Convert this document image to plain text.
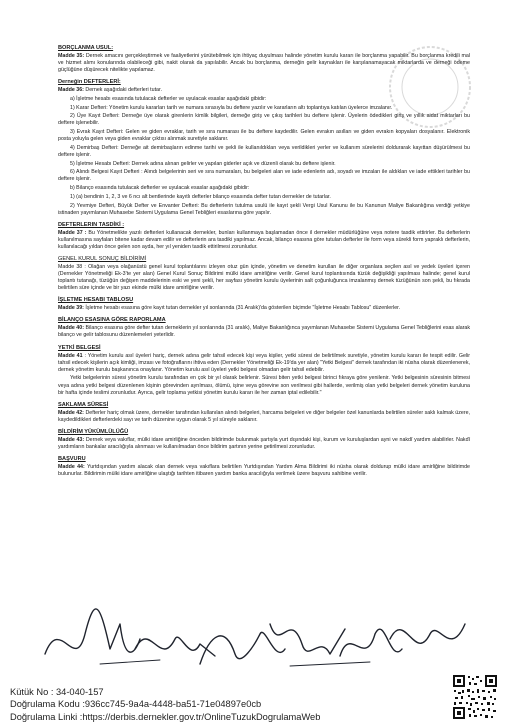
BORÇLANMA USUL:

Madde 35: Dernek amacını gerçekleştirmek ve faaliyetlerini yürütebilmek için ihtiyaç duyulması halinde yönetim kurulu kararı ile borçlanma yapabilir. Bu borçlanma kredili mal ve hizmet alımı konularında olabileceği gibi, nakit olarak da yapılabilir. Ancak bu borçlanma, derneğin gelir kaynakları ile karşılanamayacak miktarlarda ve derneği ödeme güçlüğüne düşürecek nitelikte yapılamaz.

Derneğin DEFTERLERİ:

Madde 36: Dernek aşağıdaki defterleri tutar.

a) İşletme hesabı esasında tutulacak defterler ve uyulacak esaslar aşağıdaki gibidir:

1) Karar Defteri: Yönetim kurulu kararları tarih ve numara sırasıyla bu deftere yazılır ve kararların altı toplantıya katılan üyelerce imzalanır.

2) Üye Kayıt Defteri: Derneğe üye olarak girenlerin kimlik bilgileri, derneğe giriş ve çıkış tarihleri bu deftere işlenir. Üyelerin ödedikleri giriş ve yıllık aidat miktarları bu deftere işlenebilir.

3) Evrak Kayıt Defteri: Gelen ve giden evraklar, tarih ve sıra numarası ile bu deftere kaydedilir. Gelen evrakın asılları ve giden evrakın kopyaları dosyalanır. Elektronik posta yoluyla gelen veya giden evraklar çıktısı alınmak suretiyle saklanır.

4) Demirbaş Defteri: Derneğe ait demirbaşların edinme tarihi ve şekli ile kullanıldıkları veya verildikleri yerler ve kullanım sürelerini doldurarak kayıttan düşürülmesi bu deftere işlenir.

5) İşletme Hesabı Defteri: Dernek adına alınan gelirler ve yapılan giderler açık ve düzenli olarak bu deftere işlenir.

6) Alındı Belgesi Kayıt Defteri : Alındı belgelerinin seri ve sıra numaraları, bu belgeleri alan ve iade edenlerin adı, soyadı ve imzaları ile aldıkları ve iade ettikleri tarihler bu deftere işlenir.

b) Bilanço esasında tutulacak defterler ve uyulacak esaslar aşağıdaki gibidir:

1) (a) bendinin 1, 2, 3 ve 6 ncı alt bentlerinde kayıtlı defterler bilanço esasında defter tutan dernekler de tutarlar.

2) Yevmiye Defteri, Büyük Defter ve Envanter Defteri: Bu defterlerin tutulma usulü ile kayıt şekli Vergi Usul Kanunu ile bu Kanunun Maliye Bakanlığına verdiği yetkiye istinaden yayımlanan Muhasebe Sistemi Uygulama Genel Tebliğleri esaslarına göre yapılır.

DEFTERLERIN TASDİKİ :

Madde 37 : Bu Yönetmelikte yazılı defterleri kullanacak dernekler, bunları kullanmaya başlamadan önce il dernekler müdürlüğüne veya notere tasdik ettirirler. Bu defterlerin kullanılmasına sayfaları bitene kadar devam edilir ve defterlerin ara tasdiki yapılmaz. Ancak, bilanço esasına göre tutulan defterler ile form veya sürekli form yapraklı defterlerin, kullanılacağı yıldan önce gelen son ayda, her yıl yeniden tasdik ettirilmesi zorunludur.

GENEL KURUL SONUÇ BİLDİRİMİ

Madde 38 : Olağan veya olağanüstü genel kurul toplantılarını izleyen otuz gün içinde, yönetim ve denetim kurulları ile diğer organlara seçilen asıl ve yedek üyeleri içeren (Dernekler Yönetmeliği Ek-3'te yer alan) Genel Kurul Sonuç Bildirimi mülki idare amirliğine verilir. Genel kurul toplantısında tüzük değişikliği yapılması halinde; genel kurul toplantı tutanağı, tüzüğün değişen maddelerinin eski ve yeni şekli, her sayfası yönetim kurulu üyelerinin salt çoğunluğunca imzalanmış dernek tüzüğünün son şekli, bu fıkrada belirtilen süre içinde ve bir yazı ekinde mülki idare amirliğine verilir.

İŞLETME HESABI TABLOSU

Madde 39: İşletme hesabı esasına göre kayıt tutan dernekler yıl sonlarında (31 Aralık)'da gösterilen biçimde "İşletme Hesabı Tablosu" düzenlerler.

BİLANÇO ESASINA GÖRE RAPORLAMA

Madde 40: Bilanço esasına göre defter tutan derneklerin yıl sonlarında (31 aralık), Maliye Bakanlığınca yayımlanan Muhasebe Sistemi Uygulama Genel Tebliğlerini esas alarak bilanço ve gelir tablosunu düzenlemeleri yeterlidir.

YETKİ BELGESİ

Madde 41 : Yönetim kurulu asıl üyeleri hariç, dernek adına gelir tahsil edecek kişi veya kişiler, yetki süresi de belirtilmek suretiyle, yönetim kurulu kararı ile tespit edilir. Gelir tahsil edecek kişilerin açık kimliği, imzası ve fotoğraflarını ihtiva eden (Dernekler Yönetmeliği Ek-19'da yer alan) "Yetki Belgesi" dernek tarafından iki nüsha olarak düzenlenerek, dernek yönetim kurulu başkanınca onaylanır. Yönetim kurulu asıl üyeleri yetki belgesi olmadan gelir tahsil edebilir.

Yetki belgelerinin süresi yönetim kurulu tarafından en çok bir yıl olarak belirlenir. Süresi biten yetki belgesi birinci fıkraya göre yenilenir. Yetki belgesinin süresinin bitmesi veya adına yetki belgesi düzenlenen kişinin görevinden ayrılması, ölümü, işine veya görevine son verilmesi gibi hallerde, verilmiş olan yetki belgeleri dernek yönetim kuruluna bir hafta içinde teslimi zorunludur. Ayrıca, gelir toplama yetkisi yönetim kurulu kararı ile her zaman iptal edilebilir."

SAKLAMA SÜRESİ

Madde 42: Defterler hariç olmak üzere, dernekler tarafından kullanılan alındı belgeleri, harcama belgeleri ve diğer belgeler özel kanunlarda belirtilen süreler saklı kalmak üzere, kaydedildikleri defterlerdeki sayı ve tarih düzenine uygun olarak 5 yıl süreyle saklanır.

BİLDİRİM YÜKÜMLÜLÜĞÜ

Madde 43: Dernek veya vakıflar, mülki idare amirliğine önceden bildirimde bulunmak şartıyla yurt dışındaki kişi, kurum ve kuruluşlardan ayni ve nakdî yardım alabilirler. Nakdî yardımların bankalar aracılığıyla alınması ve kullanılmadan önce bildirim şartının yerine getirilmesi zorunludur.

BAŞVURU

Madde 44: Yurtdışından yardım alacak olan dernek veya vakıflara belirtilen Yurtdışından Yardım Alma Bildirimi iki nüsha olarak doldurup mülki idare amirliğine bildirimde bulunurlar. Bildirimin mülki idare amirliğine ulaştığı tarihten itibaren yardım banka aracılığıyla verilmek üzere başvuru sahibine verilir.

Kütük No : 34-040-157
Doğrulama Kodu :936cc745-9a4a-4448-ba51-71e04897e0cb
Doğrulama Linki :https://derbis.dernekler.gov.tr/OnlineTuzukDogrulamaWeb
